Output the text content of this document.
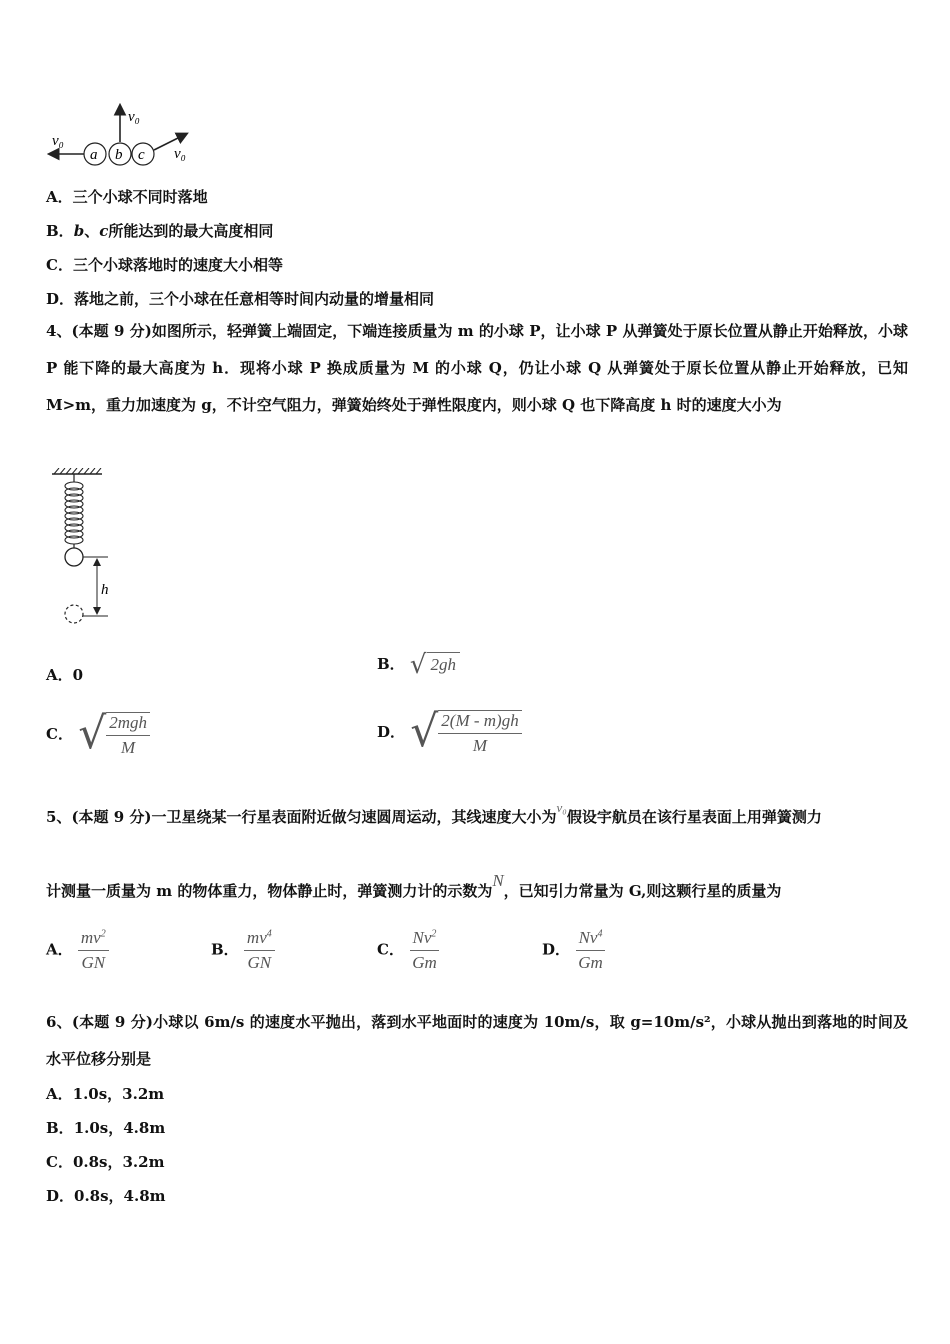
a b c
v₀
v₀
v₀
A．三个小球不同时落地
B．b、c所能达到的最大高度相同
C．三个小球落地时的速度大小相等
D．落地之前，三个小球在任意相等时间内动量的增量相同
4、(本题 9 分)如图所示，轻弹簧上端固定，下端连接质量为 m 的小球 P，让小球 P 从弹簧处于原长位置从静止开始释放，小球 P 能下降的最大高度为 h．现将小球 P 换成质量为 M 的小球 Q，仍让小球 Q 从弹簧处于原长位置从静止开始释放，已知 M>m，重力加速度为 g，不计空气阻力，弹簧始终处于弹性限度内，则小球 Q 也下降高度 h 时的速度大小为
h
A．0
B． √ 2gh
C． √ $\frac{\text{2mgh}}{M}$	D． √ $\frac{2(M - m)gh}{M}$
5、(本题 9 分)一卫星绕某一行星表面附近做匀速圆周运动，其线速度大小为v₀假设宇航员在该行星表面上用弹簧测力
计测量一质量为 m 的物体重力，物体静止时，弹簧测力计的示数为N，已知引力常量为 G,则这颗行星的质量为
A． $\frac{mv^2}{GN}$	B． $\frac{mv^4}{GN}$	C． $\frac{Nv^2}{Gm}$	D． $\frac{Nv^4}{Gm}$
6、(本题 9 分)小球以 6m/s 的速度水平抛出，落到水平地面时的速度为 10m/s，取 g=10m/s²，小球从抛出到落地的时间及水平位移分别是
A．1.0s，3.2m
B．1.0s，4.8m
C．0.8s，3.2m
D．0.8s，4.8m
